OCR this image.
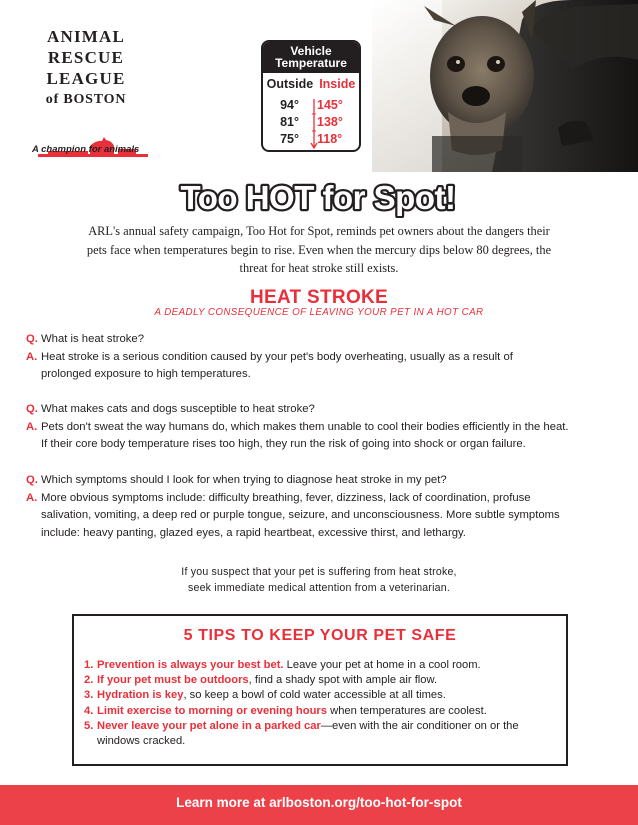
ANIMAL
RESCUE
LEAGUE
of BOSTON
A champion for animals
Vehicle
Temperature
Outside Inside
94° 145°
81° 138°
75° 118°
Too HOT for Spot!
ARL's annual safety campaign, Too Hot for Spot, reminds pet owners about the dangers their pets face when temperatures begin to rise. Even when the mercury dips below 80 degrees, the threat for heat stroke still exists.
HEAT STROKE
A DEADLY CONSEQUENCE OF LEAVING YOUR PET IN A HOT CAR
Q. What is heat stroke?
A. Heat stroke is a serious condition caused by your pet's body overheating, usually as a result of
prolonged exposure to high temperatures.
Q. What makes cats and dogs susceptible to heat stroke?
A. Pets don't sweat the way humans do, which makes them unable to cool their bodies efficiently in the heat.
If their core body temperature rises too high, they run the risk of going into shock or organ failure.
Q. Which symptoms should I look for when trying to diagnose heat stroke in my pet?
A. More obvious symptoms include: difficulty breathing, fever, dizziness, lack of coordination, profuse
salivation, vomiting, a deep red or purple tongue, seizure, and unconsciousness. More subtle symptoms
include: heavy panting, glazed eyes, a rapid heartbeat, excessive thirst, and lethargy.
If you suspect that your pet is suffering from heat stroke,
seek immediate medical attention from a veterinarian.
5 TIPS TO KEEP YOUR PET SAFE
1. Prevention is always your best bet. Leave your pet at home in a cool room.
2. If your pet must be outdoors, find a shady spot with ample air flow.
3. Hydration is key, so keep a bowl of cold water accessible at all times.
4. Limit exercise to morning or evening hours when temperatures are coolest.
5. Never leave your pet alone in a parked car—even with the air conditioner on or the windows cracked.
Learn more at arlboston.org/too-hot-for-spot
